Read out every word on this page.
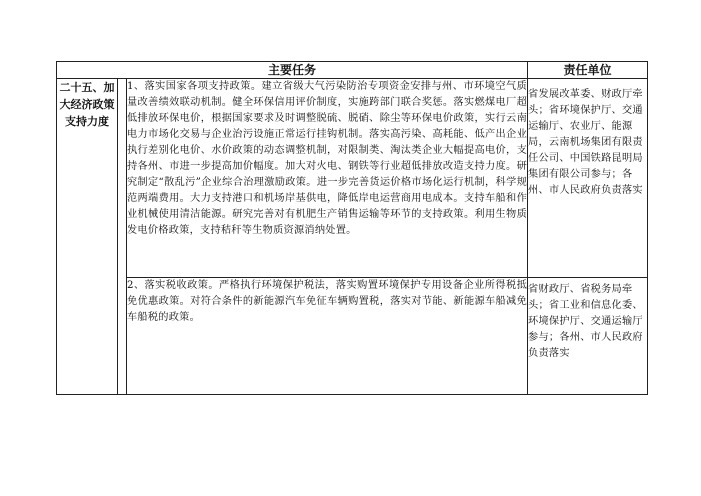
主要任务			责任单位
二十五、加大经济政策支持力度		1、落实国家各项支持政策。建立省级大气污染防治专项资金安排与州、市环境空气质量改善绩效联动机制。健全环保信用评价制度，实施跨部门联合奖惩。落实燃煤电厂超低排放环保电价，根据国家要求及时调整脱硫、脱硝、除尘等环保电价政策，实行云南电力市场化交易与企业治污设施正常运行挂钩机制。落实高污染、高耗能、低产出企业执行差别化电价、水价政策的动态调整机制，对限制类、淘汰类企业大幅提高电价，支持各州、市进一步提高加价幅度。加大对火电、钢铁等行业超低排放改造支持力度。研究制定“散乱污”企业综合治理激励政策。进一步完善货运价格市场化运行机制，科学规范两端费用。大力支持港口和机场岸基供电，降低岸电运营商用电成本。支持车船和作业机械使用清洁能源。研究完善对有机肥生产销售运输等环节的支持政策。利用生物质发电价格政策，支持秸秆等生物质资源消纳处置。	省发展改革委、财政厅牵头；省环境保护厅、交通运输厅、农业厅、能源局，云南机场集团有限责任公司、中国铁路昆明局集团有限公司参与；各州、市人民政府负责落实
		2、落实税收政策。严格执行环境保护税法，落实购置环境保护专用设备企业所得税抵免优惠政策。对符合条件的新能源汽车免征车辆购置税，落实对节能、新能源车船减免车船税的政策。	省财政厅、省税务局牵头；省工业和信息化委、环境保护厅、交通运输厅参与；各州、市人民政府负责落实
